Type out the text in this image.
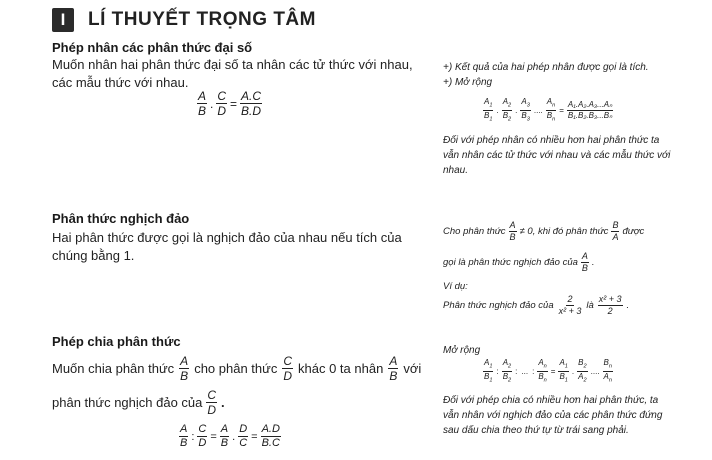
I	LÍ THUYẾT TRỌNG TÂM
Phép nhân các phân thức đại số
Muốn nhân hai phân thức đại số ta nhân các tử thức với nhau, các mẫu thức với nhau.
$\frac{A}{B}$ . $\frac{C}{D} = \frac{A.C}{B.D}$
+) Kết quả của hai phép nhân được gọi là tích.
+) Mở rộng
$\frac{A_1}{B_1}$ . $\frac{A_2}{B_2}$ . $\frac{A_3}{B_3}$ .... $\frac{A_n}{B_n} = \frac{\text{A₁.A₂.A₃...Aₙ}}{\text{B₁.B₂.B₃...Bₙ}}$
Đối với phép nhân có nhiều hơn hai phân thức ta vẫn nhân các tử thức với nhau và các mẫu thức với nhau.
Phân thức nghịch đảo
Hai phân thức được gọi là nghịch đảo của nhau nếu tích của chúng bằng 1.
Cho phân thức $\frac{A}{B} \ne 0$, khi đó phân thức $\frac{B}{A}$ được
gọi là phân thức nghịch đảo của $\frac{A}{B}$ .
Ví dụ:
Phân thức nghịch đảo của $\frac{2}{\text{x² + 3}}$ là $\frac{\text{x² + 3}}{2}$ .
Phép chia phân thức
Muốn chia phân thức $\frac{A}{B}$ cho phân thức $\frac{C}{D}$ khác 0 ta nhân $\frac{A}{B}$ với
phân thức nghịch đảo của $\frac{C}{D}$ .
$\frac{A}{B}$ : $\frac{C}{D} = \frac{A}{B}$ . $\frac{D}{C} = \frac{A.D}{B.C}$
Mở rộng
$\frac{A_1}{B_1}$ : $\frac{A_2}{B_2}$ : ... : $\frac{A_n}{B_n} = \frac{A_1}{B_1}$ . $\frac{B_2}{A_2}$ .... $\frac{B_n}{A_n}$
Đối với phép chia có nhiều hơn hai phân thức, ta vẫn nhân với nghịch đảo của các phân thức đứng sau dấu chia theo thứ tự từ trái sang phải.
